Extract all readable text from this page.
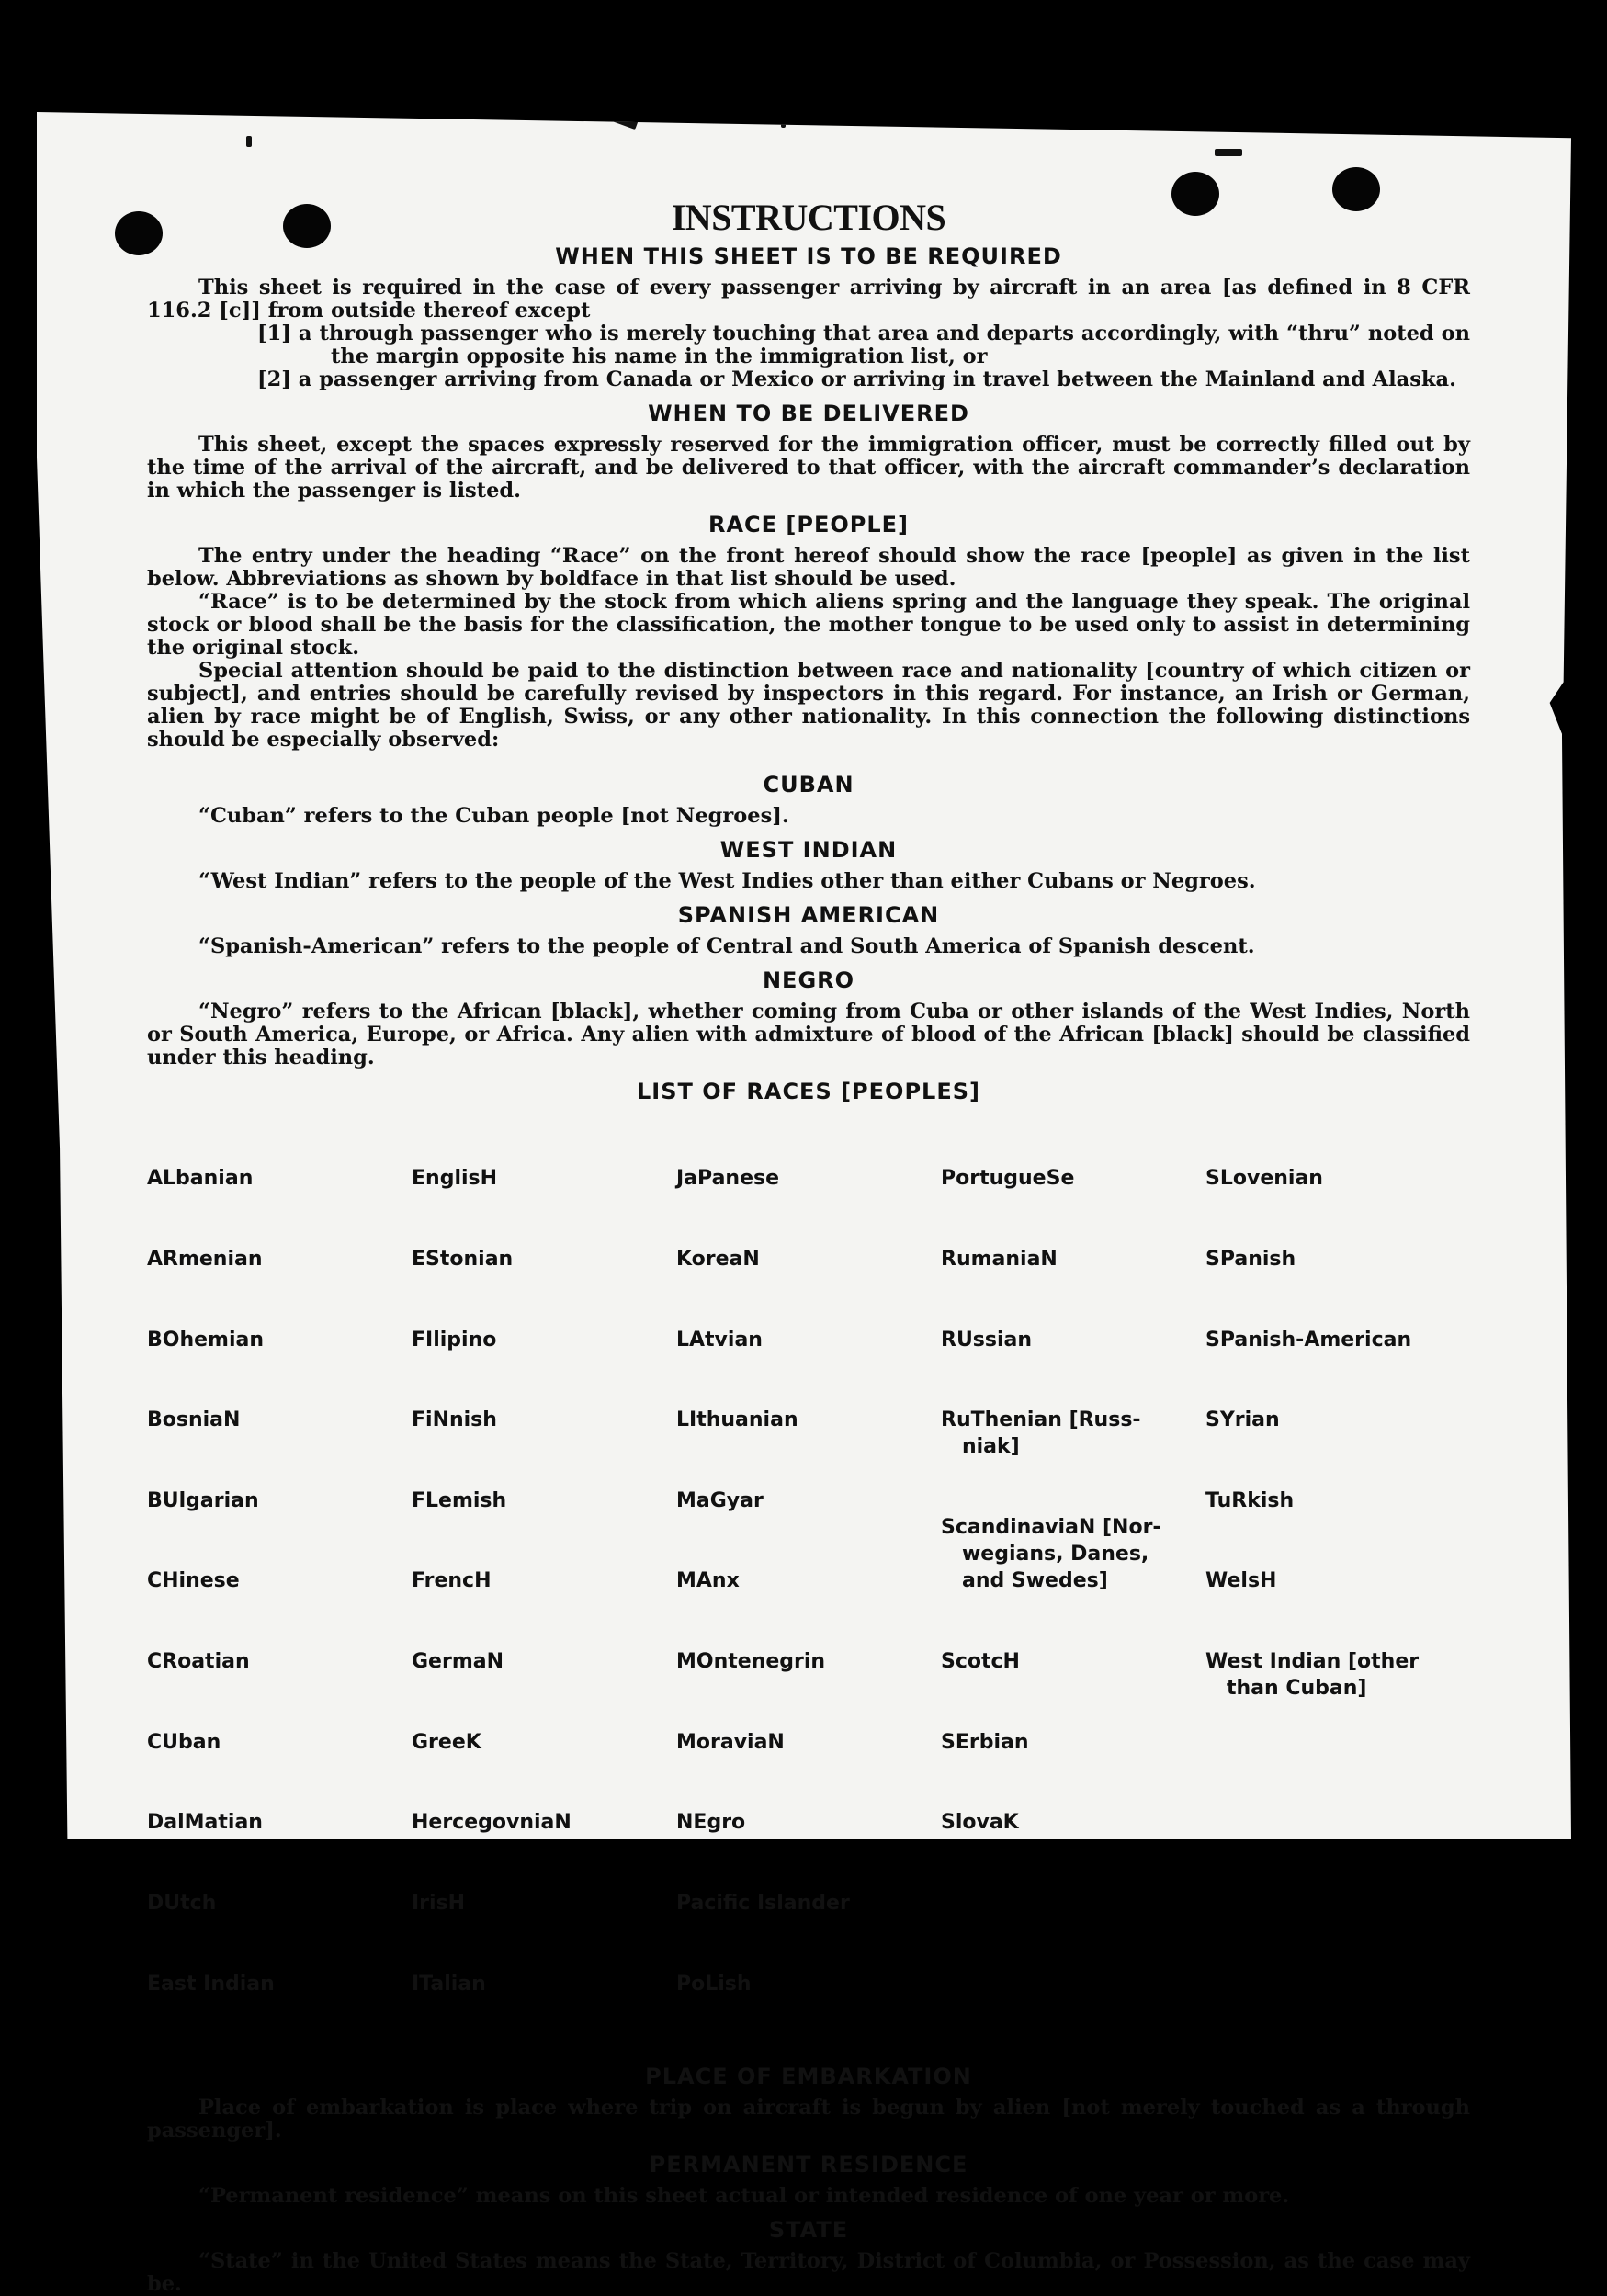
INSTRUCTIONS
WHEN THIS SHEET IS TO BE REQUIRED

This sheet is required in the case of every passenger arriving by aircraft in an area [as defined in 8 CFR 116.2 [c]] from outside thereof except

[1] a through passenger who is merely touching that area and departs accordingly, with “thru” noted on the margin opposite his name in the immigration list, or

[2] a passenger arriving from Canada or Mexico or arriving in travel between the Mainland and Alaska.

WHEN TO BE DELIVERED

This sheet, except the spaces expressly reserved for the immigration officer, must be correctly filled out by the time of the arrival of the aircraft, and be delivered to that officer, with the aircraft commander’s declaration in which the passenger is listed.

RACE [PEOPLE]

The entry under the heading “Race” on the front hereof should show the race [people] as given in the list below. Abbreviations as shown by boldface in that list should be used.

“Race” is to be determined by the stock from which aliens spring and the language they speak. The original stock or blood shall be the basis for the classification, the mother tongue to be used only to assist in determining the original stock.

Special attention should be paid to the distinction between race and nationality [country of which citizen or subject], and entries should be carefully revised by inspectors in this regard. For instance, an Irish or German, alien by race might be of English, Swiss, or any other nationality. In this connection the following distinctions should be especially observed:

CUBAN

“Cuban” refers to the Cuban people [not Negroes].

WEST INDIAN

“West Indian” refers to the people of the West Indies other than either Cubans or Negroes.

SPANISH AMERICAN

“Spanish-American” refers to the people of Central and South America of Spanish descent.

NEGRO

“Negro” refers to the African [black], whether coming from Cuba or other islands of the West Indies, North or South America, Europe, or Africa. Any alien with admixture of blood of the African [black] should be classified under this heading.

LIST OF RACES [PEOPLES]

ALbanian

ARmenian

BOhemian

BosniaN

BUlgarian

CHinese

CRoatian

CUban

DalMatian

DUtch

East Indian

EnglisH

EStonian

FIlipino

FiNnish

FLemish

FrencH

GermaN

GreeK

HercegovniaN

IrisH

ITalian

JaPanese

KoreaN

LAtvian

LIthuanian

MaGyar

MAnx

MOntenegrin

MoraviaN

NEgro

Pacific Islander

PoLish

PortugueSe

RumaniaN

RUssian

RuThenian [Russ-
niak]

ScandinaviaN [Nor-
wegians, Danes,
and Swedes]

ScotcH

SErbian

SlovaK

SLovenian

SPanish

SPanish-American

SYrian

TuRkish

WelsH

West Indian [other
than Cuban]

PLACE OF EMBARKATION

Place of embarkation is place where trip on aircraft is begun by alien [not merely touched as a through passenger].

PERMANENT RESIDENCE

“Permanent residence” means on this sheet actual or intended residence of one year or more.

STATE

“State” in the United States means the State, Territory, District of Columbia, or Possession, as the case may be.
